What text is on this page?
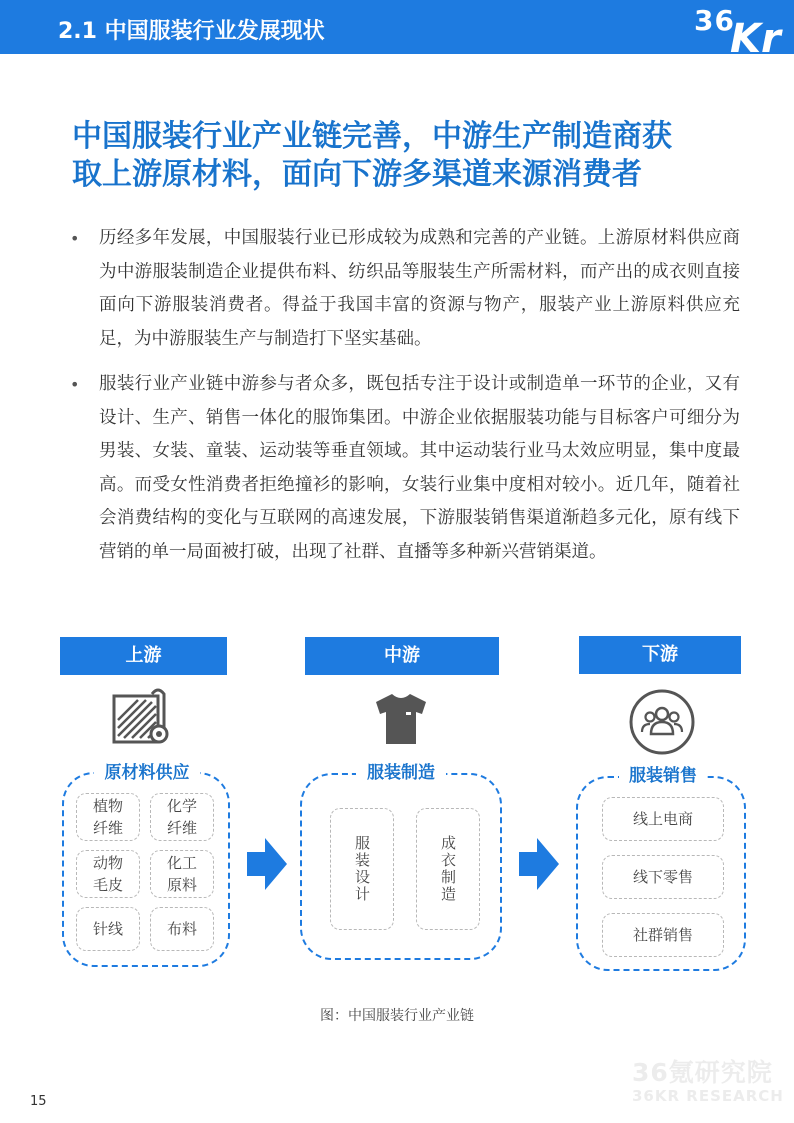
2.1 中国服装行业发展现状	36
Kr
中国服装行业产业链完善，中游生产制造商获
取上游原材料，面向下游多渠道来源消费者
•	历经多年发展，中国服装行业已形成较为成熟和完善的产业链。上游原材料供应商为中游服装制造企业提供布料、纺织品等服装生产所需材料，而产出的成衣则直接面向下游服装消费者。得益于我国丰富的资源与物产，服装产业上游原料供应充足，为中游服装生产与制造打下坚实基础。
•	服装行业产业链中游参与者众多，既包括专注于设计或制造单一环节的企业，又有设计、生产、销售一体化的服饰集团。中游企业依据服装功能与目标客户可细分为男装、女装、童装、运动装等垂直领域。其中运动装行业马太效应明显，集中度最高。而受女性消费者拒绝撞衫的影响，女装行业集中度相对较小。近几年，随着社会消费结构的变化与互联网的高速发展，下游服装销售渠道渐趋多元化，原有线下营销的单一局面被打破，出现了社群、直播等多种新兴营销渠道。
上游	中游	下游
原材料供应
植物
纤维
化学
纤维
动物
毛皮
化工
原料
针线	布料
服装制造
服装设计	成衣制造
服装销售
线上电商
线下零售
社群销售
图：中国服装行业产业链
15
36氪研究院
36KR RESEARCH
